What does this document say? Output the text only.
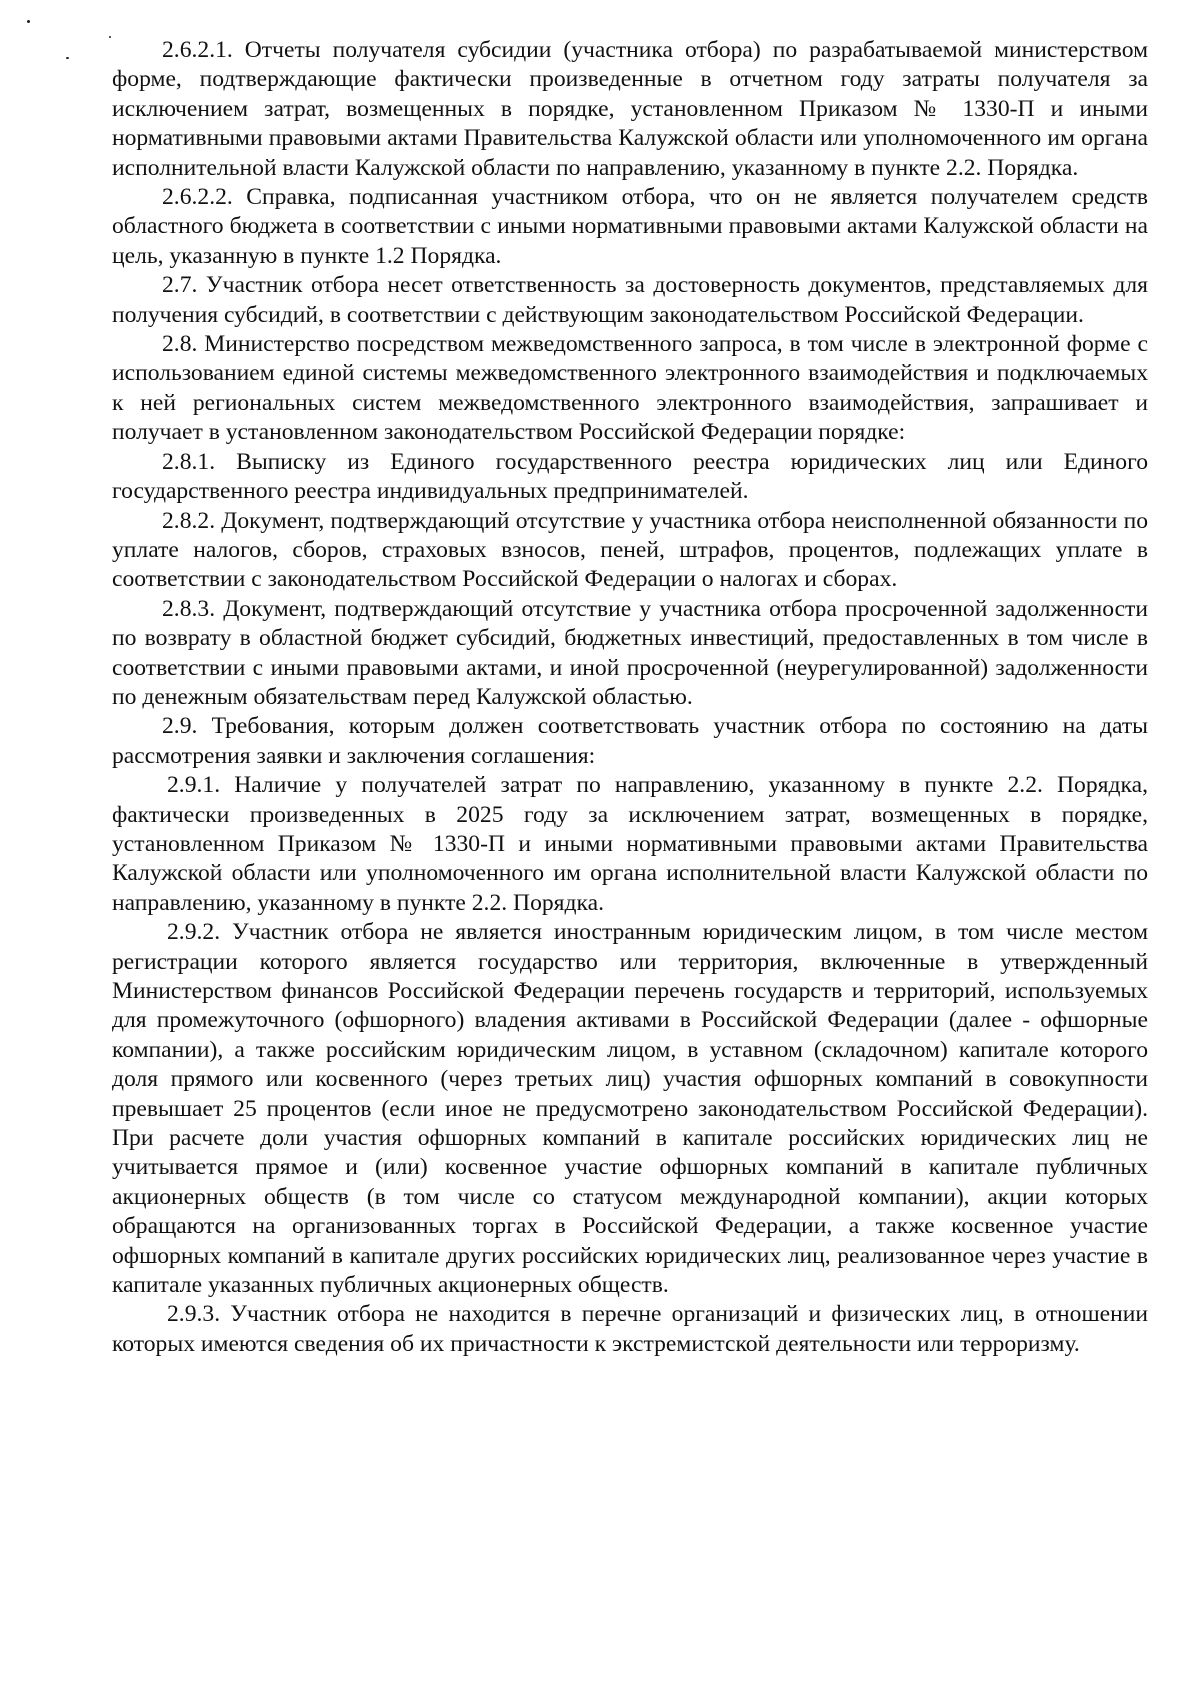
2.6.2.1. Отчеты получателя субсидии (участника отбора) по разрабатываемой министерством форме, подтверждающие фактически произведенные в отчетном году затраты получателя за исключением затрат, возмещенных в порядке, установленном Приказом № 1330-П и иными нормативными правовыми актами Правительства Калужской области или уполномоченного им органа исполнительной власти Калужской области по направлению, указанному в пункте 2.2. Порядка.

2.6.2.2. Справка, подписанная участником отбора, что он не является получателем средств областного бюджета в соответствии с иными нормативными правовыми актами Калужской области на цель, указанную в пункте 1.2 Порядка.

2.7. Участник отбора несет ответственность за достоверность документов, представляемых для получения субсидий, в соответствии с действующим законодательством Российской Федерации.

2.8. Министерство посредством межведомственного запроса, в том числе в электронной форме с использованием единой системы межведомственного электронного взаимодействия и подключаемых к ней региональных систем межведомственного электронного взаимодействия, запрашивает и получает в установленном законодательством Российской Федерации порядке:

2.8.1. Выписку из Единого государственного реестра юридических лиц или Единого государственного реестра индивидуальных предпринимателей.

2.8.2. Документ, подтверждающий отсутствие у участника отбора неисполненной обязанности по уплате налогов, сборов, страховых взносов, пеней, штрафов, процентов, подлежащих уплате в соответствии с законодательством Российской Федерации о налогах и сборах.

2.8.3. Документ, подтверждающий отсутствие у участника отбора просроченной задолженности по возврату в областной бюджет субсидий, бюджетных инвестиций, предоставленных в том числе в соответствии с иными правовыми актами, и иной просроченной (неурегулированной) задолженности по денежным обязательствам перед Калужской областью.

2.9. Требования, которым должен соответствовать участник отбора по состоянию на даты рассмотрения заявки и заключения соглашения:

2.9.1. Наличие у получателей затрат по направлению, указанному в пункте 2.2. Порядка, фактически произведенных в 2025 году за исключением затрат, возмещенных в порядке, установленном Приказом № 1330-П и иными нормативными правовыми актами Правительства Калужской области или уполномоченного им органа исполнительной власти Калужской области по направлению, указанному в пункте 2.2. Порядка.

2.9.2. Участник отбора не является иностранным юридическим лицом, в том числе местом регистрации которого является государство или территория, включенные в утвержденный Министерством финансов Российской Федерации перечень государств и территорий, используемых для промежуточного (офшорного) владения активами в Российской Федерации (далее - офшорные компании), а также российским юридическим лицом, в уставном (складочном) капитале которого доля прямого или косвенного (через третьих лиц) участия офшорных компаний в совокупности превышает 25 процентов (если иное не предусмотрено законодательством Российской Федерации). При расчете доли участия офшорных компаний в капитале российских юридических лиц не учитывается прямое и (или) косвенное участие офшорных компаний в капитале публичных акционерных обществ (в том числе со статусом международной компании), акции которых обращаются на организованных торгах в Российской Федерации, а также косвенное участие офшорных компаний в капитале других российских юридических лиц, реализованное через участие в капитале указанных публичных акционерных обществ.

2.9.3. Участник отбора не находится в перечне организаций и физических лиц, в отношении которых имеются сведения об их причастности к экстремистской деятельности или терроризму.
